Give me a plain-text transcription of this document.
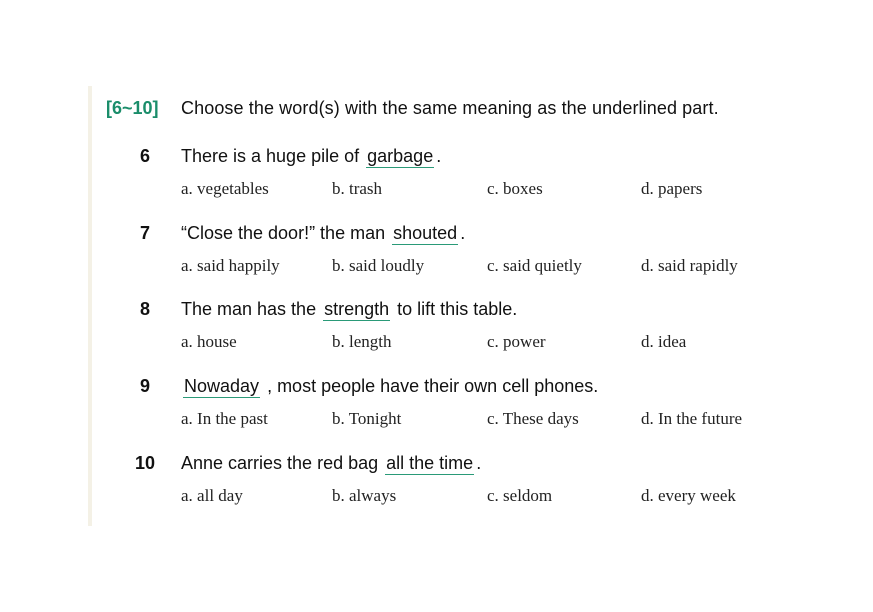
[6~10]	Choose the word(s) with the same meaning as the underlined part.
6	There is a huge pile of garbage .
a. vegetables	b. trash	c. boxes	d. papers
7	“Close the door!” the man shouted .
a. said happily	b. said loudly	c. said quietly	d. said rapidly
8	The man has the strength to lift this table.
a. house	b. length	c. power	d. idea
9	Nowaday , most people have their own cell phones.
a. In the past	b. Tonight	c. These days	d. In the future
10 Anne carries the red bag all the time .
a. all day	b. always	c. seldom	d. every week
